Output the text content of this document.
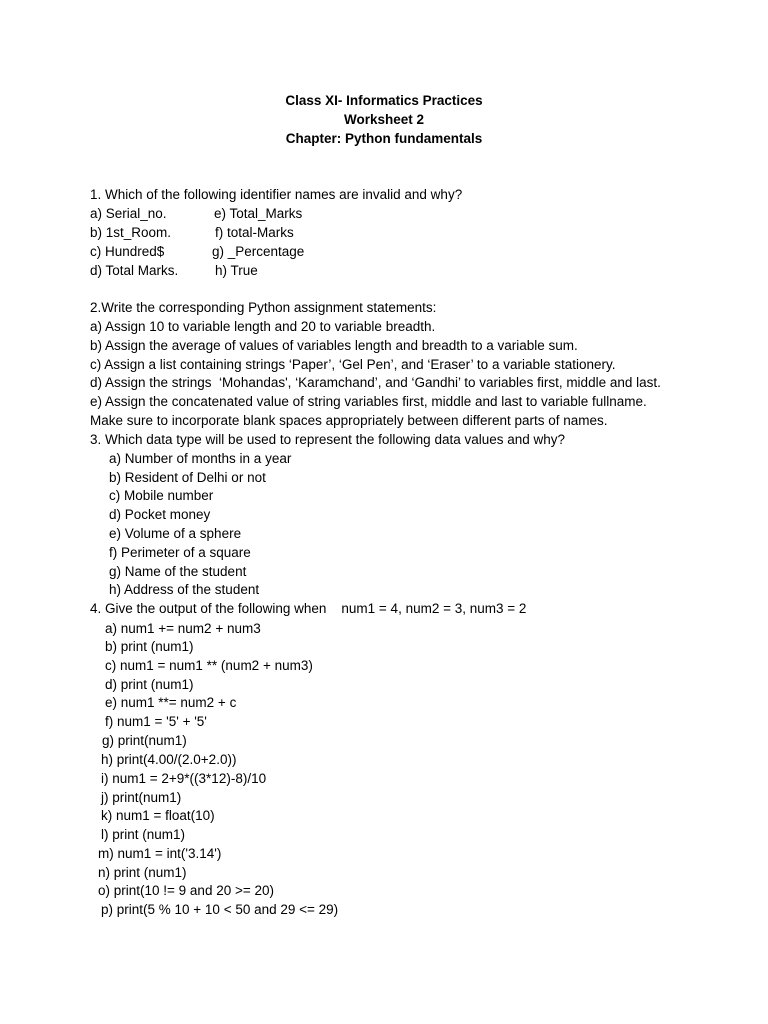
Class XI- Informatics Practices
Worksheet 2
Chapter: Python fundamentals
1. Which of the following identifier names are invalid and why?
a) Serial_no.	e) Total_Marks
b) 1st_Room.	f) total-Marks
c) Hundred$	g) _Percentage
d) Total Marks.	h) True
2.Write the corresponding Python assignment statements:
a) Assign 10 to variable length and 20 to variable breadth.
b) Assign the average of values of variables length and breadth to a variable sum.
c) Assign a list containing strings ‘Paper’, ‘Gel Pen’, and ‘Eraser’ to a variable stationery.
d) Assign the strings  ‘Mohandas', ‘Karamchand’, and ‘Gandhi’ to variables first, middle and last.
e) Assign the concatenated value of string variables first, middle and last to variable fullname.
Make sure to incorporate blank spaces appropriately between different parts of names.
3. Which data type will be used to represent the following data values and why?
a) Number of months in a year
b) Resident of Delhi or not
c) Mobile number
d) Pocket money
e) Volume of a sphere
f) Perimeter of a square
g) Name of the student
h) Address of the student
4. Give the output of the following when    num1 = 4, num2 = 3, num3 = 2
a) num1 += num2 + num3
b) print (num1)
c) num1 = num1 ** (num2 + num3)
d) print (num1)
e) num1 **= num2 + c
f) num1 = '5' + '5'
g) print(num1)
h) print(4.00/(2.0+2.0))
i) num1 = 2+9*((3*12)-8)/10
j) print(num1)
k) num1 = float(10)
l) print (num1)
m) num1 = int('3.14')
n) print (num1)
o) print(10 != 9 and 20 >= 20)
p) print(5 % 10 + 10 < 50 and 29 <= 29)
